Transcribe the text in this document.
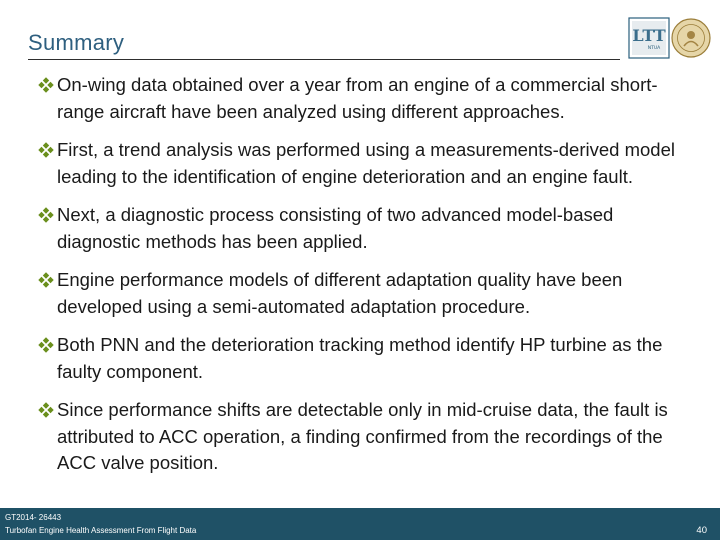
Summary	LTT
NTUA
On-wing data obtained over a year from an engine of a commercial short-range aircraft have been analyzed using different approaches.
First, a trend analysis was performed using a measurements-derived model leading to the identification of engine deterioration and an engine fault.
Next, a diagnostic process consisting of two advanced model-based diagnostic methods has been applied.
Engine performance models of different adaptation quality have been developed using a semi-automated adaptation procedure.
Both PNN and the deterioration tracking method identify HP turbine as the faulty component.
Since performance shifts are detectable only in mid-cruise data, the fault is attributed to ACC operation, a finding confirmed from the recordings of the ACC valve position.
GT2014- 26443
Turbofan Engine Health Assessment From Flight Data	40
